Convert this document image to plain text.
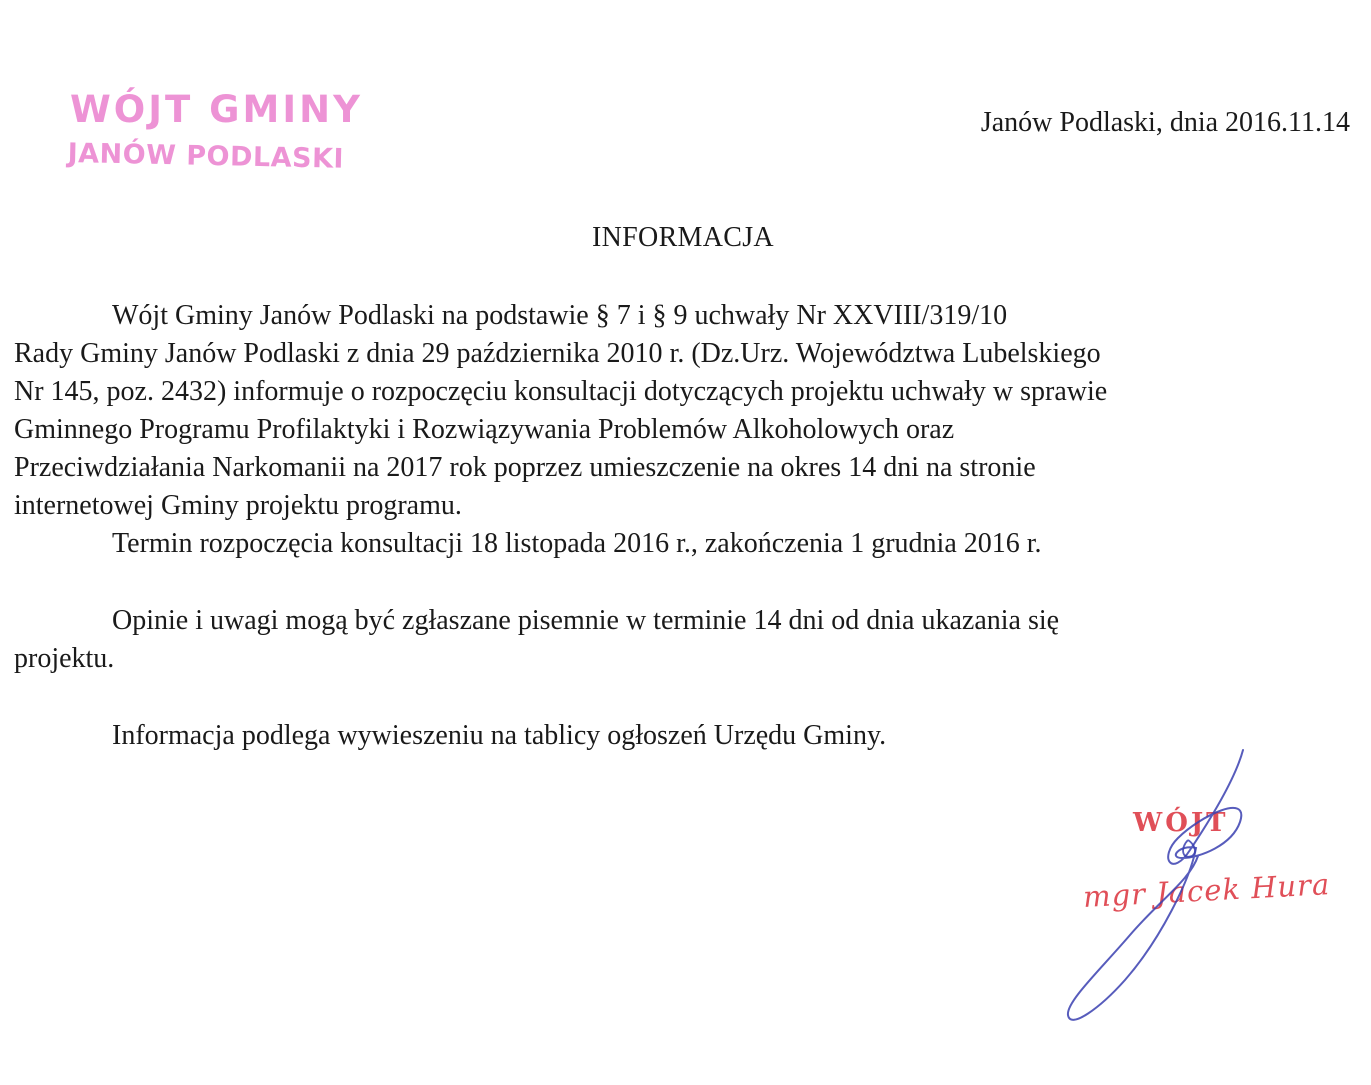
WÓJT GMINY
JANÓW PODLASKI
Janów Podlaski, dnia 2016.11.14
INFORMACJA

Wójt Gminy Janów Podlaski na podstawie § 7 i § 9 uchwały Nr XXVIII/319/10
Rady Gminy Janów Podlaski z dnia 29 października 2010 r. (Dz.Urz. Województwa Lubelskiego
Nr 145, poz. 2432) informuje o rozpoczęciu konsultacji dotyczących projektu uchwały w sprawie
Gminnego Programu Profilaktyki i Rozwiązywania Problemów Alkoholowych oraz
Przeciwdziałania Narkomanii na 2017 rok poprzez umieszczenie na okres 14 dni na stronie
internetowej Gminy projektu programu.

Termin rozpoczęcia konsultacji 18 listopada 2016 r., zakończenia 1 grudnia 2016 r.

Opinie i uwagi mogą być zgłaszane pisemnie w terminie 14 dni od dnia ukazania się
projektu.

Informacja podlega wywieszeniu na tablicy ogłoszeń Urzędu Gminy.

WÓJT
mgr Jacek Hura
